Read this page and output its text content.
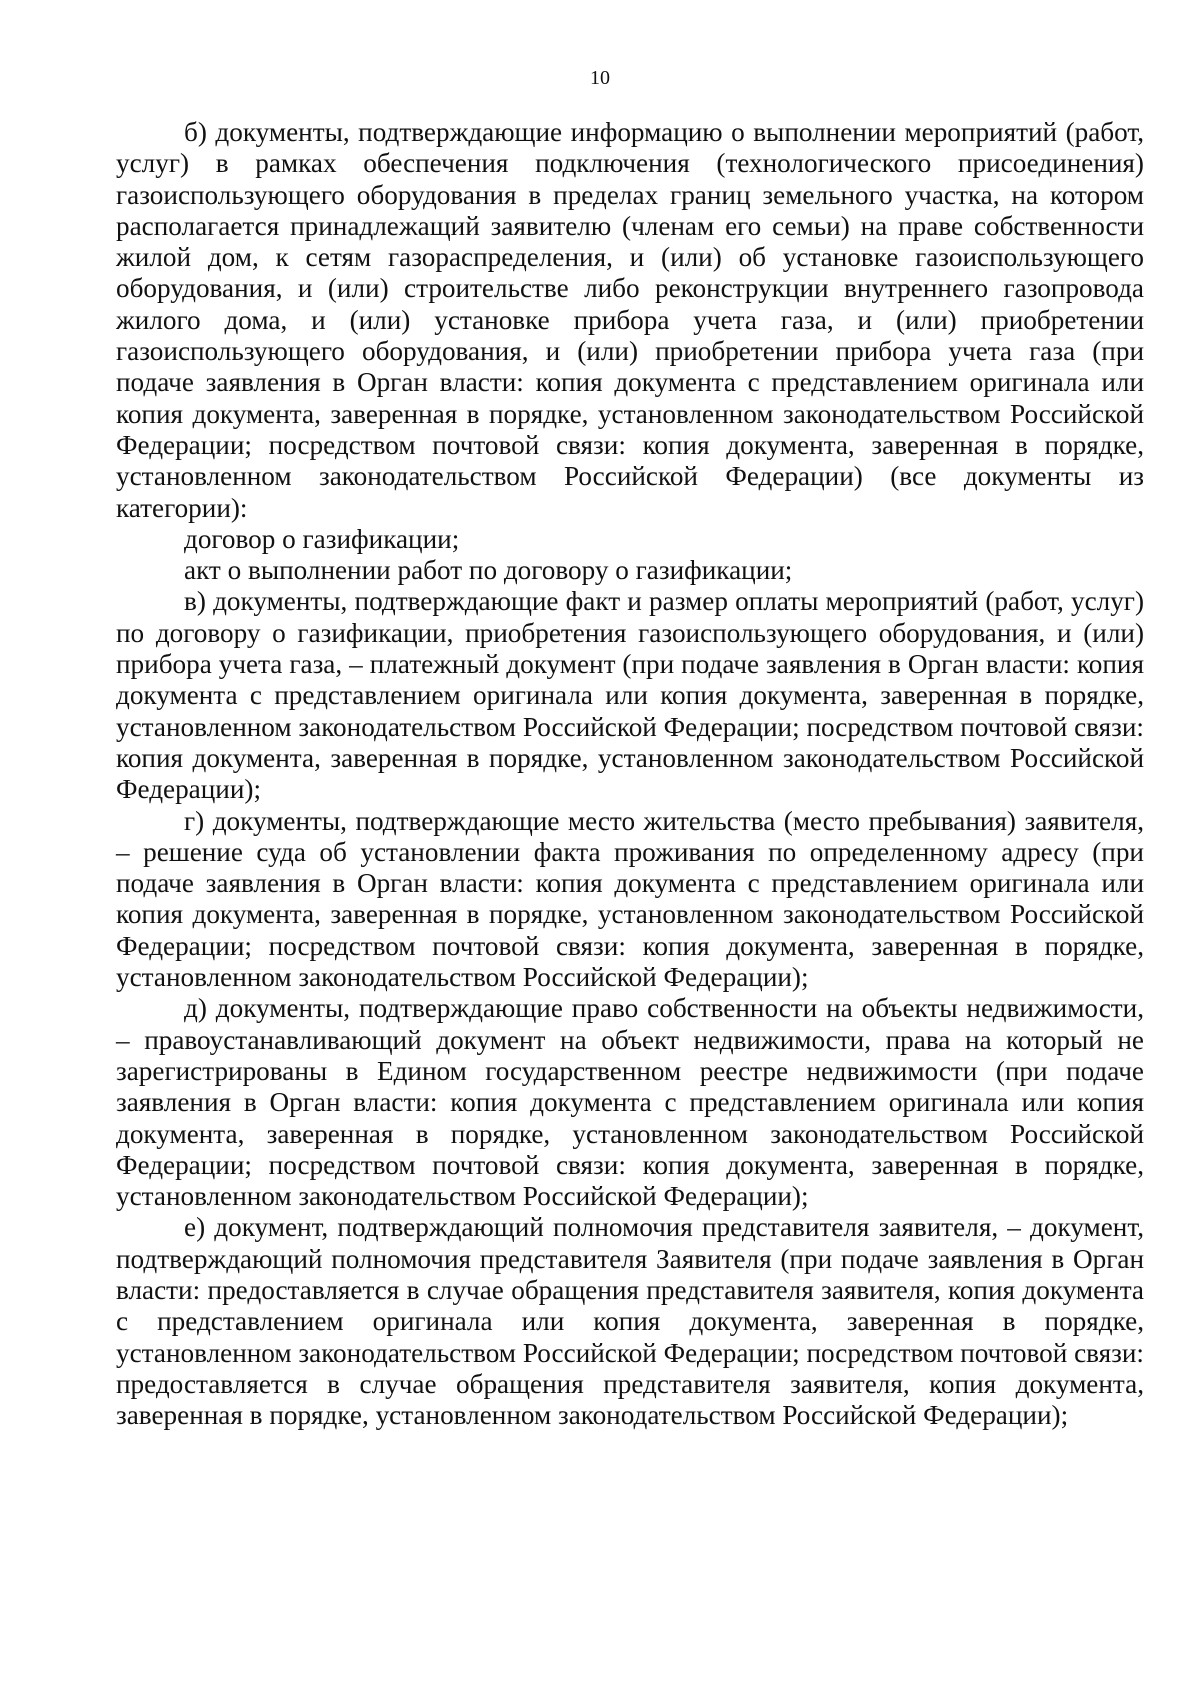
10

б) документы, подтверждающие информацию о выполнении мероприятий (работ, услуг) в рамках обеспечения подключения (технологического присоединения) газоиспользующего оборудования в пределах границ земельного участка, на котором располагается принадлежащий заявителю (членам его семьи) на праве собственности жилой дом, к сетям газораспределения, и (или) об установке газоиспользующего оборудования, и (или) строительстве либо реконструкции внутреннего газопровода жилого дома, и (или) установке прибора учета газа, и (или) приобретении газоиспользующего оборудования, и (или) приобретении прибора учета газа (при подаче заявления в Орган власти: копия документа с представлением оригинала или копия документа, заверенная в порядке, установленном законодательством Российской Федерации; посредством почтовой связи: копия документа, заверенная в порядке, установленном законодательством Российской Федерации) (все документы из категории):

договор о газификации;

акт о выполнении работ по договору о газификации;

в) документы, подтверждающие факт и размер оплаты мероприятий (работ, услуг) по договору о газификации, приобретения газоиспользующего оборудования, и (или) прибора учета газа, – платежный документ (при подаче заявления в Орган власти: копия документа с представлением оригинала или копия документа, заверенная в порядке, установленном законодательством Российской Федерации; посредством почтовой связи: копия документа, заверенная в порядке, установленном законодательством Российской Федерации);

г) документы, подтверждающие место жительства (место пребывания) заявителя, – решение суда об установлении факта проживания по определенному адресу (при подаче заявления в Орган власти: копия документа с представлением оригинала или копия документа, заверенная в порядке, установленном законодательством Российской Федерации; посредством почтовой связи: копия документа, заверенная в порядке, установленном законодательством Российской Федерации);

д) документы, подтверждающие право собственности на объекты недвижимости, – правоустанавливающий документ на объект недвижимости, права на который не зарегистрированы в Едином государственном реестре недвижимости (при подаче заявления в Орган власти: копия документа с представлением оригинала или копия документа, заверенная в порядке, установленном законодательством Российской Федерации; посредством почтовой связи: копия документа, заверенная в порядке, установленном законодательством Российской Федерации);

е) документ, подтверждающий полномочия представителя заявителя, – документ, подтверждающий полномочия представителя Заявителя (при подаче заявления в Орган власти: предоставляется в случае обращения представителя заявителя, копия документа с представлением оригинала или копия документа, заверенная в порядке, установленном законодательством Российской Федерации; посредством почтовой связи: предоставляется в случае обращения представителя заявителя, копия документа, заверенная в порядке, установленном законодательством Российской Федерации);
